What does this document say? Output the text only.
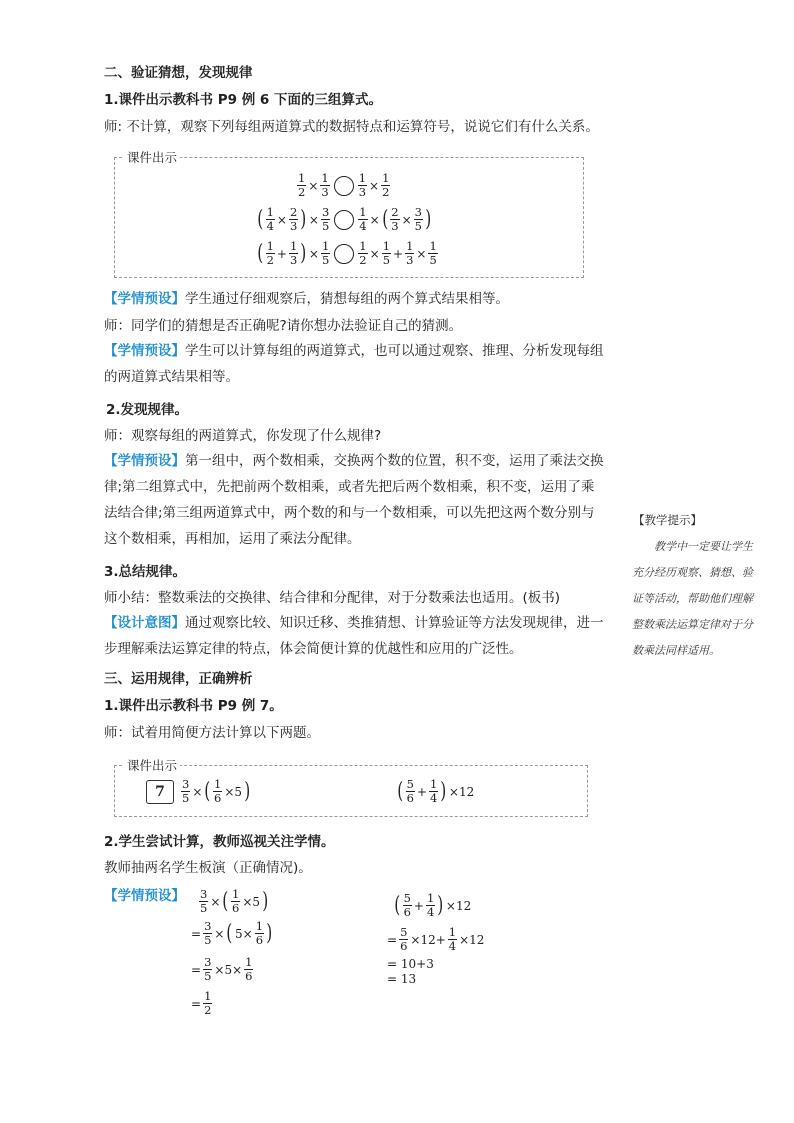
二、验证猜想，发现规律
1.课件出示教科书 P9 例 6 下面的三组算式。
师: 不计算，观察下列每组两道算式的数据特点和运算符号，说说它们有什么关系。
课件出示
$\frac{1}{2} \times \frac{1}{3} \frac{1}{3} \times \frac{1}{2}$
( $\frac{1}{4} \times \frac{2}{3}$ ) × $\frac{3}{5} \frac{1}{4}$ × ( $\frac{2}{3} \times \frac{3}{5}$ )
( $\frac{1}{2} + \frac{1}{3}$ ) × $\frac{1}{5} \frac{1}{2} \times \frac{1}{5} + \frac{1}{3} \times \frac{1}{5}$
【学情预设】学生通过仔细观察后，猜想每组的两个算式结果相等。
师：同学们的猜想是否正确呢?请你想办法验证自己的猜测。
【学情预设】学生可以计算每组的两道算式，也可以通过观察、推理、分析发现每组的两道算式结果相等。
2.发现规律。
师：观察每组的两道算式，你发现了什么规律?
【学情预设】第一组中，两个数相乘，交换两个数的位置，积不变，运用了乘法交换律;第二组算式中，先把前两个数相乘，或者先把后两个数相乘，积不变，运用了乘法结合律;第三组两道算式中，两个数的和与一个数相乘，可以先把这两个数分别与这个数相乘，再相加，运用了乘法分配律。
3.总结规律。
师小结：整数乘法的交换律、结合律和分配律，对于分数乘法也适用。(板书)
【设计意图】通过观察比较、知识迁移、类推猜想、计算验证等方法发现规律，进一步理解乘法运算定律的特点，体会简便计算的优越性和应用的广泛性。
三、运用规律，正确辨析
1.课件出示教科书 P9 例 7。
师：试着用简便方法计算以下两题。
课件出示
7	$\frac{3}{5}$ × ( $\frac{1}{6} \times 5$ )	( $\frac{5}{6} + \frac{1}{4}$ ) ×12
2.学生尝试计算，教师巡视关注学情。
教师抽两名学生板演（正确情况)。
【学情预设】 $\frac{3}{5}$ × ( $\frac{1}{6} \times 5$ )
= $\frac{3}{5}$ × ( $5\times \frac{1}{6}$ )
= $\frac{3}{5} \times 5\times \frac{1}{6}$
= $\frac{1}{2}$
( $\frac{5}{6} + \frac{1}{4}$ ) ×12
= $\frac{5}{6} \times 12+ \frac{1}{4} \times 12$
= 10+3
= 13
【教学提示】
教学中一定要让学生充分经历观察、猜想、验证等活动，帮助他们理解整数乘法运算定律对于分数乘法同样适用。
